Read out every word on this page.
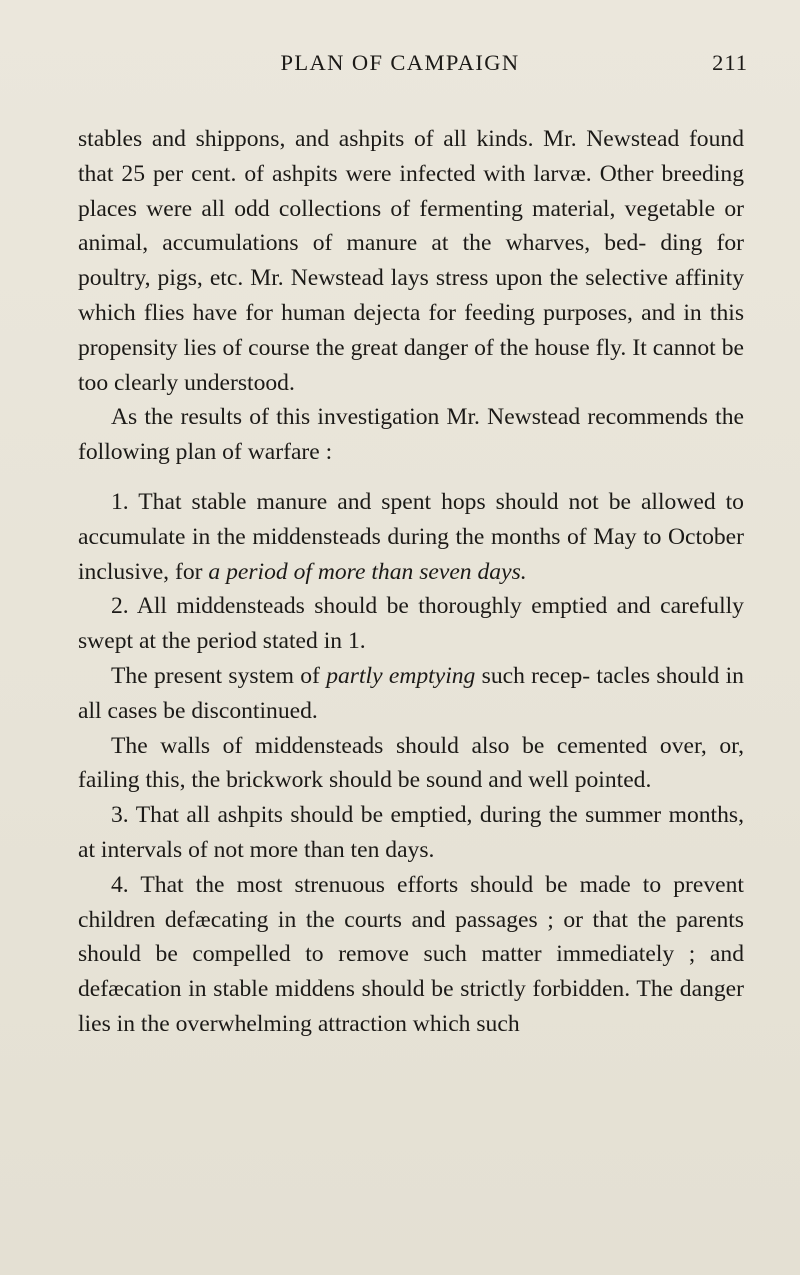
PLAN OF CAMPAIGN	211

stables and shippons, and ashpits of all kinds. Mr. Newstead found that 25 per cent. of ashpits were infected with larvæ. Other breeding places were all odd collections of fermenting material, vegetable or animal, accumulations of manure at the wharves, bed- ding for poultry, pigs, etc. Mr. Newstead lays stress upon the selective affinity which flies have for human dejecta for feeding purposes, and in this propensity lies of course the great danger of the house fly. It cannot be too clearly understood.

As the results of this investigation Mr. Newstead recommends the following plan of warfare :

1. That stable manure and spent hops should not be allowed to accumulate in the middensteads during the months of May to October inclusive, for a period of more than seven days.

2. All middensteads should be thoroughly emptied and carefully swept at the period stated in 1.

The present system of partly emptying such recep- tacles should in all cases be discontinued.

The walls of middensteads should also be cemented over, or, failing this, the brickwork should be sound and well pointed.

3. That all ashpits should be emptied, during the summer months, at intervals of not more than ten days.

4. That the most strenuous efforts should be made to prevent children defæcating in the courts and passages ; or that the parents should be compelled to remove such matter immediately ; and defæcation in stable middens should be strictly forbidden. The danger lies in the overwhelming attraction which such
